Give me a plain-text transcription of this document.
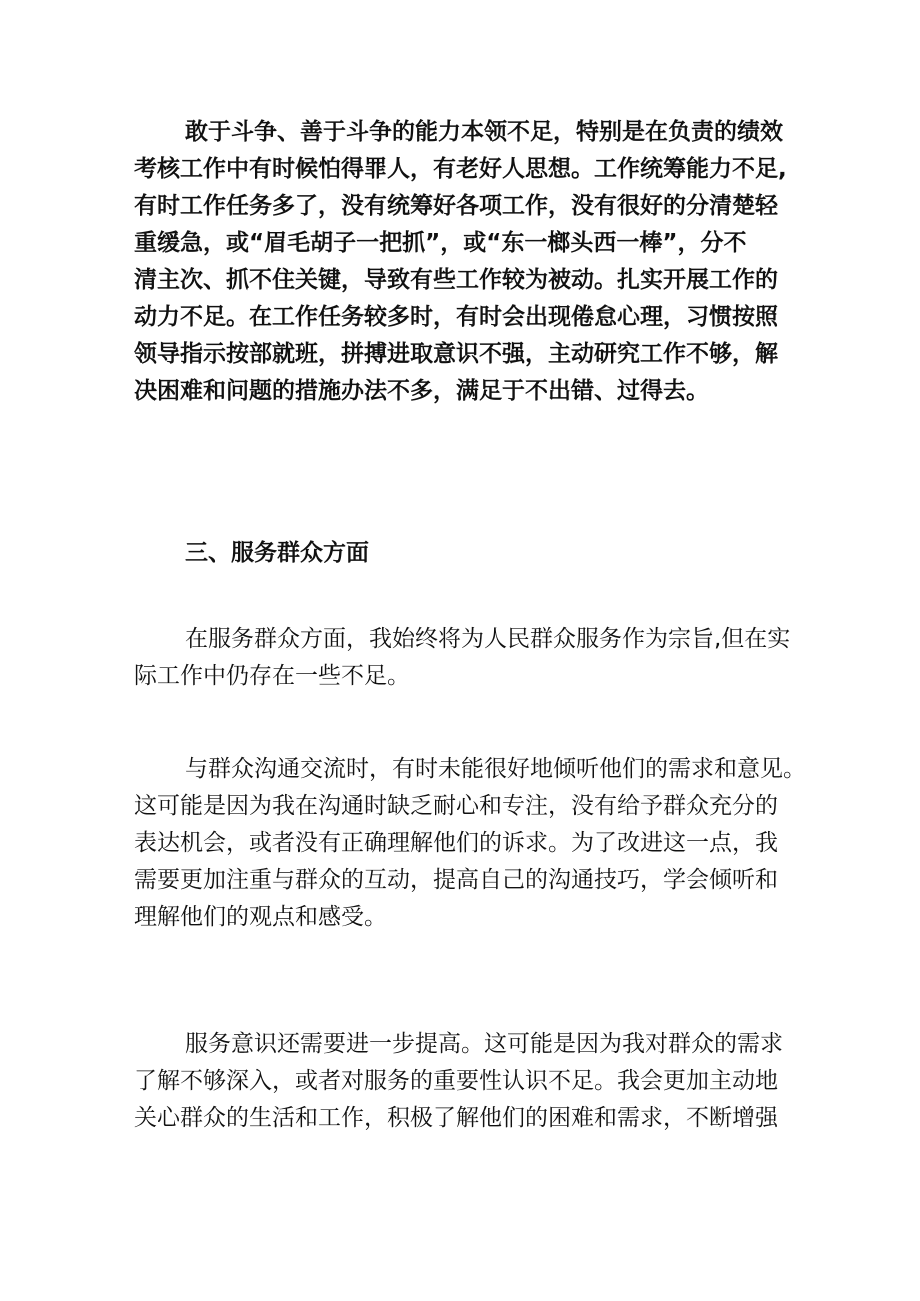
敢于斗争、善于斗争的能力本领不足，特别是在负责的绩效
考核工作中有时候怕得罪人，有老好人思想。工作统筹能力不足,
有时工作任务多了，没有统筹好各项工作，没有很好的分清楚轻
重缓急，或“眉毛胡子一把抓”，或“东一榔头西一棒”，分不
清主次、抓不住关键，导致有些工作较为被动。扎实开展工作的
动力不足。在工作任务较多时，有时会出现倦怠心理，习惯按照
领导指示按部就班，拼搏进取意识不强，主动研究工作不够，解
决困难和问题的措施办法不多，满足于不出错、过得去。
三、服务群众方面
在服务群众方面，我始终将为人民群众服务作为宗旨,但在实
际工作中仍存在一些不足。
与群众沟通交流时，有时未能很好地倾听他们的需求和意见。
这可能是因为我在沟通时缺乏耐心和专注，没有给予群众充分的
表达机会，或者没有正确理解他们的诉求。为了改进这一点，我
需要更加注重与群众的互动，提高自己的沟通技巧，学会倾听和
理解他们的观点和感受。
服务意识还需要进一步提高。这可能是因为我对群众的需求
了解不够深入，或者对服务的重要性认识不足。我会更加主动地
关心群众的生活和工作，积极了解他们的困难和需求，不断增强
